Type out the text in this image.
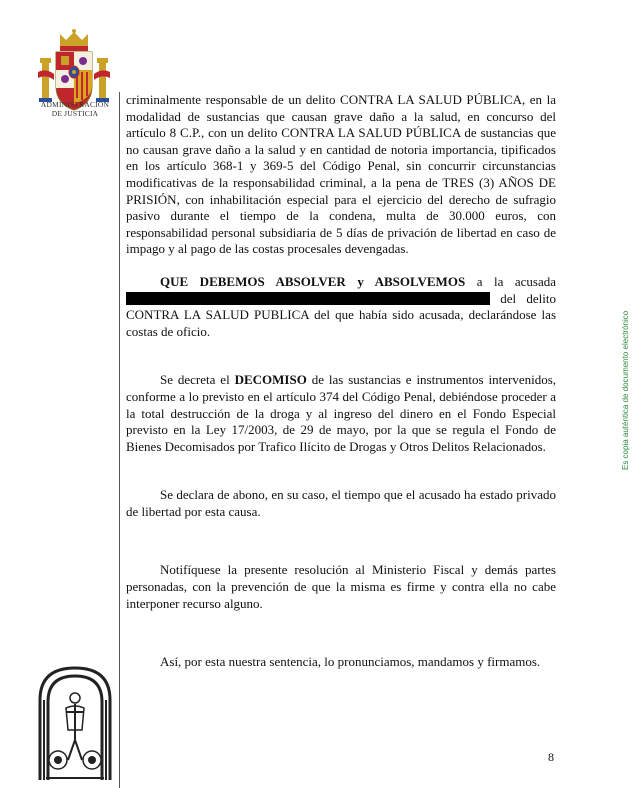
ADMINISTRACION
DE JUSTICIA

criminalmente responsable de un delito CONTRA LA SALUD PÚBLICA, en la modalidad de sustancias que causan grave daño a la salud, en concurso del artículo 8 C.P., con un delito CONTRA LA SALUD PÚBLICA de sustancias que no causan grave daño a la salud y en cantidad de notoria importancia, tipificados en los artículo 368-1 y 369-5 del Código Penal, sin concurrir circunstancias modificativas de la responsabilidad criminal, a la pena de TRES (3) AÑOS DE PRISIÓN, con inhabilitación especial para el ejercicio del derecho de sufragio pasivo durante el tiempo de la condena, multa de 30.000 euros, con responsabilidad personal subsidiaria de 5 días de privación de libertad en caso de impago y al pago de las costas procesales devengadas.

QUE DEBEMOS ABSOLVER y ABSOLVEMOS a la acusada  del delito CONTRA LA SALUD PUBLICA del que había sido acusada, declarándose las costas de oficio.

Se decreta el DECOMISO de las sustancias e instrumentos intervenidos, conforme a lo previsto en el artículo 374 del Código Penal, debiéndose proceder a la total destrucción de la droga y al ingreso del dinero en el Fondo Especial previsto en la Ley 17/2003, de 29 de mayo, por la que se regula el Fondo de Bienes Decomisados por Trafico Ilícito de Drogas y Otros Delitos Relacionados.

Se declara de abono, en su caso, el tiempo que el acusado ha estado privado de libertad por esta causa.

Notifíquese la presente resolución al Ministerio Fiscal y demás partes personadas, con la prevención de que la misma es firme y contra ella no cabe interponer recurso alguno.

Así, por esta nuestra sentencia, lo pronunciamos, mandamos y firmamos.

Es copia auténtica de documento electrónico
8
